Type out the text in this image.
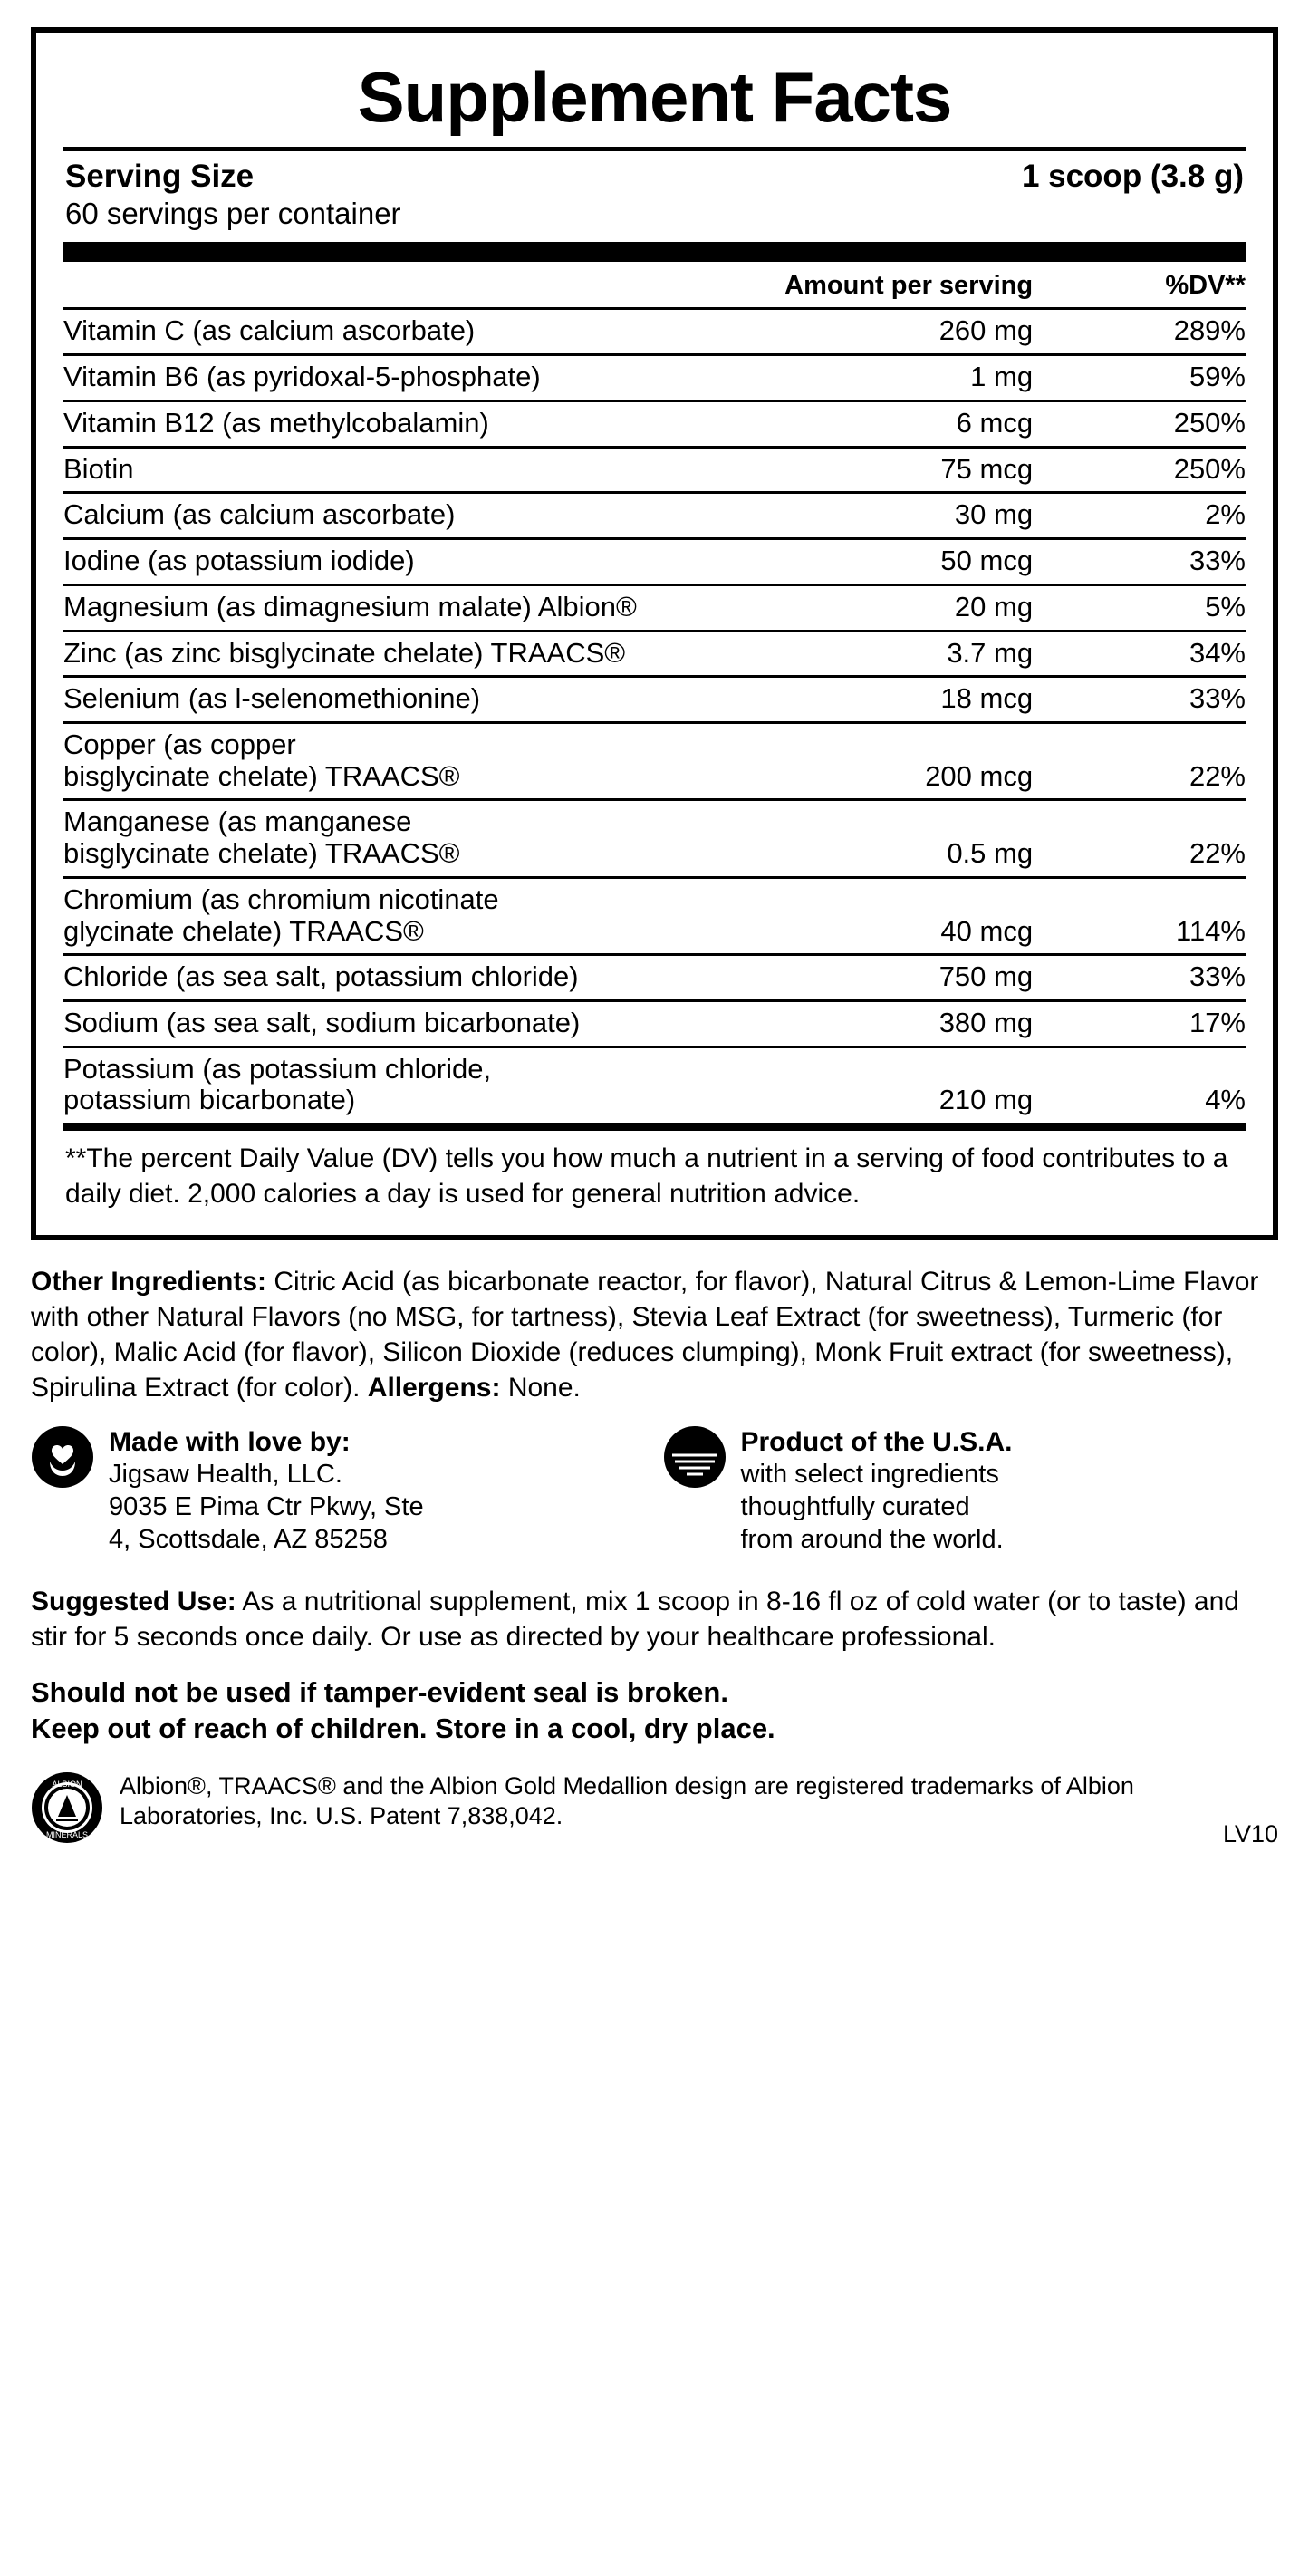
Supplement Facts
Serving Size	1 scoop (3.8 g)
60 servings per container
	Amount per serving	%DV**
Vitamin C (as calcium ascorbate)	260 mg	289%
Vitamin B6 (as pyridoxal-5-phosphate)	1 mg	59%
Vitamin B12 (as methylcobalamin)	6 mcg	250%
Biotin	75 mcg	250%
Calcium (as calcium ascorbate)	30 mg	2%
Iodine (as potassium iodide)	50 mcg	33%
Magnesium (as dimagnesium malate) Albion®	20 mg	5%
Zinc (as zinc bisglycinate chelate) TRAACS®	3.7 mg	34%
Selenium (as l-selenomethionine)	18 mcg	33%
Copper (as copper
bisglycinate chelate) TRAACS®	200 mcg	22%
Manganese (as manganese
bisglycinate chelate) TRAACS®	0.5 mg	22%
Chromium (as chromium nicotinate
glycinate chelate) TRAACS®	40 mcg	114%
Chloride (as sea salt, potassium chloride)	750 mg	33%
Sodium (as sea salt, sodium bicarbonate)	380 mg	17%
Potassium (as potassium chloride,
potassium bicarbonate)	210 mg	4%
**The percent Daily Value (DV) tells you how much a nutrient in a serving of food contributes to a daily diet. 2,000 calories a day is used for general nutrition advice.

Other Ingredients: Citric Acid (as bicarbonate reactor, for flavor), Natural Citrus & Lemon-Lime Flavor with other Natural Flavors (no MSG, for tartness), Stevia Leaf Extract (for sweetness), Turmeric (for color), Malic Acid (for flavor), Silicon Dioxide (reduces clumping), Monk Fruit extract (for sweetness), Spirulina Extract (for color). Allergens: None.

Made with love by:
Jigsaw Health, LLC.
9035 E Pima Ctr Pkwy, Ste
4, Scottsdale, AZ 85258
Product of the U.S.A.
with select ingredients
thoughtfully curated
from around the world.

Suggested Use: As a nutritional supplement, mix 1 scoop in 8-16 fl oz of cold water (or to taste) and stir for 5 seconds once daily. Or use as directed by your healthcare professional.

Should not be used if tamper-evident seal is broken.
Keep out of reach of children. Store in a cool, dry place.
ALBION
MINERALS
Albion®, TRAACS® and the Albion Gold Medallion design are registered trademarks of Albion Laboratories, Inc. U.S. Patent 7,838,042.
LV10
